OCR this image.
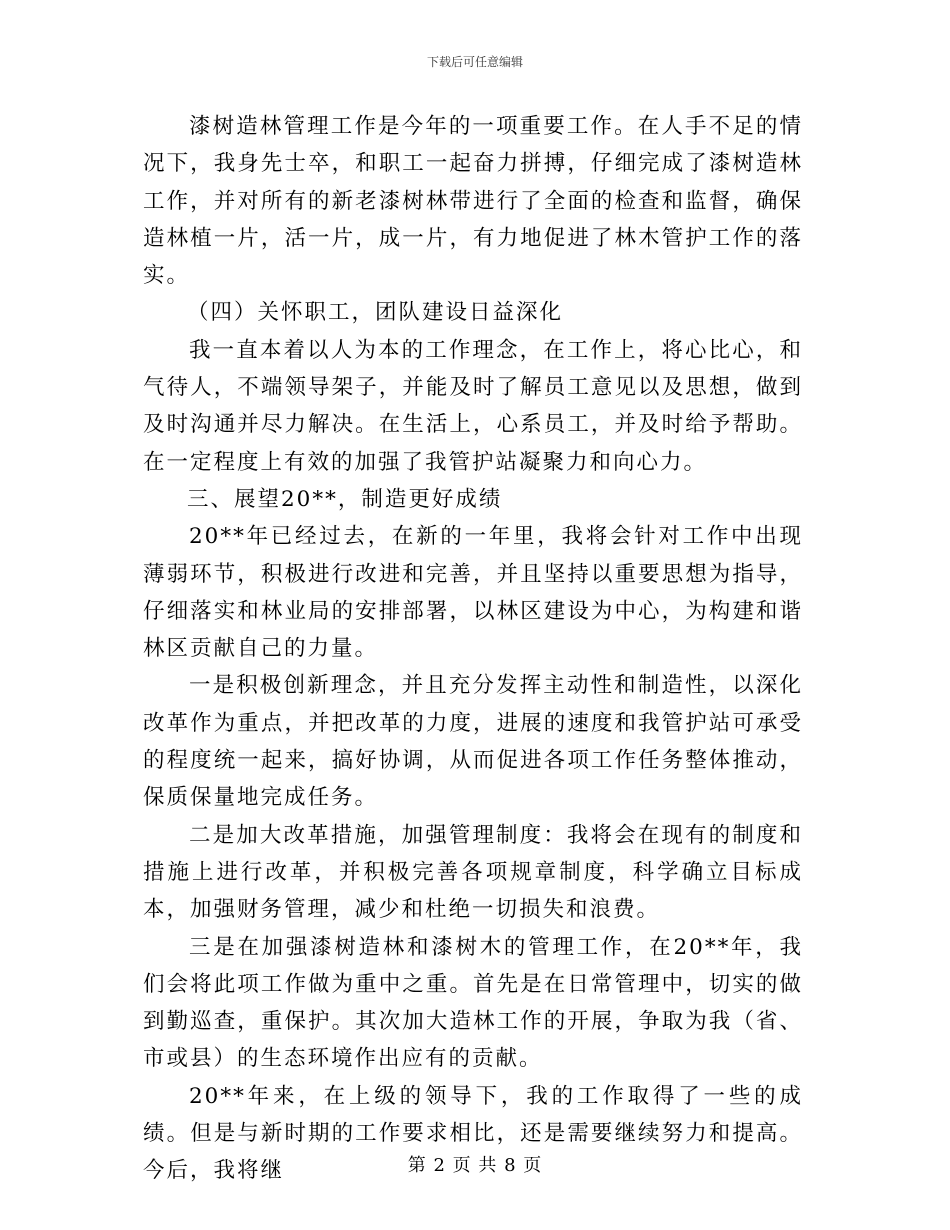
下载后可任意编辑

漆树造林管理工作是今年的一项重要工作。在人手不足的情况下，我身先士卒，和职工一起奋力拼搏，仔细完成了漆树造林工作，并对所有的新老漆树林带进行了全面的检查和监督，确保造林植一片，活一片，成一片，有力地促进了林木管护工作的落实。

（四）关怀职工，团队建设日益深化

我一直本着以人为本的工作理念，在工作上，将心比心，和气待人，不端领导架子，并能及时了解员工意见以及思想，做到及时沟通并尽力解决。在生活上，心系员工，并及时给予帮助。在一定程度上有效的加强了我管护站凝聚力和向心力。

三、展望20**，制造更好成绩

20**年已经过去，在新的一年里，我将会针对工作中出现薄弱环节，积极进行改进和完善，并且坚持以重要思想为指导，仔细落实和林业局的安排部署，以林区建设为中心，为构建和谐林区贡献自己的力量。

一是积极创新理念，并且充分发挥主动性和制造性，以深化改革作为重点，并把改革的力度，进展的速度和我管护站可承受的程度统一起来，搞好协调，从而促进各项工作任务整体推动，保质保量地完成任务。

二是加大改革措施，加强管理制度：我将会在现有的制度和措施上进行改革，并积极完善各项规章制度，科学确立目标成本，加强财务管理，减少和杜绝一切损失和浪费。

三是在加强漆树造林和漆树木的管理工作，在20**年，我们会将此项工作做为重中之重。首先是在日常管理中，切实的做到勤巡查，重保护。其次加大造林工作的开展，争取为我（省、市或县）的生态环境作出应有的贡献。

20**年来，在上级的领导下，我的工作取得了一些的成绩。但是与新时期的工作要求相比，还是需要继续努力和提高。今后，我将继	第 2 页 共 8 页
